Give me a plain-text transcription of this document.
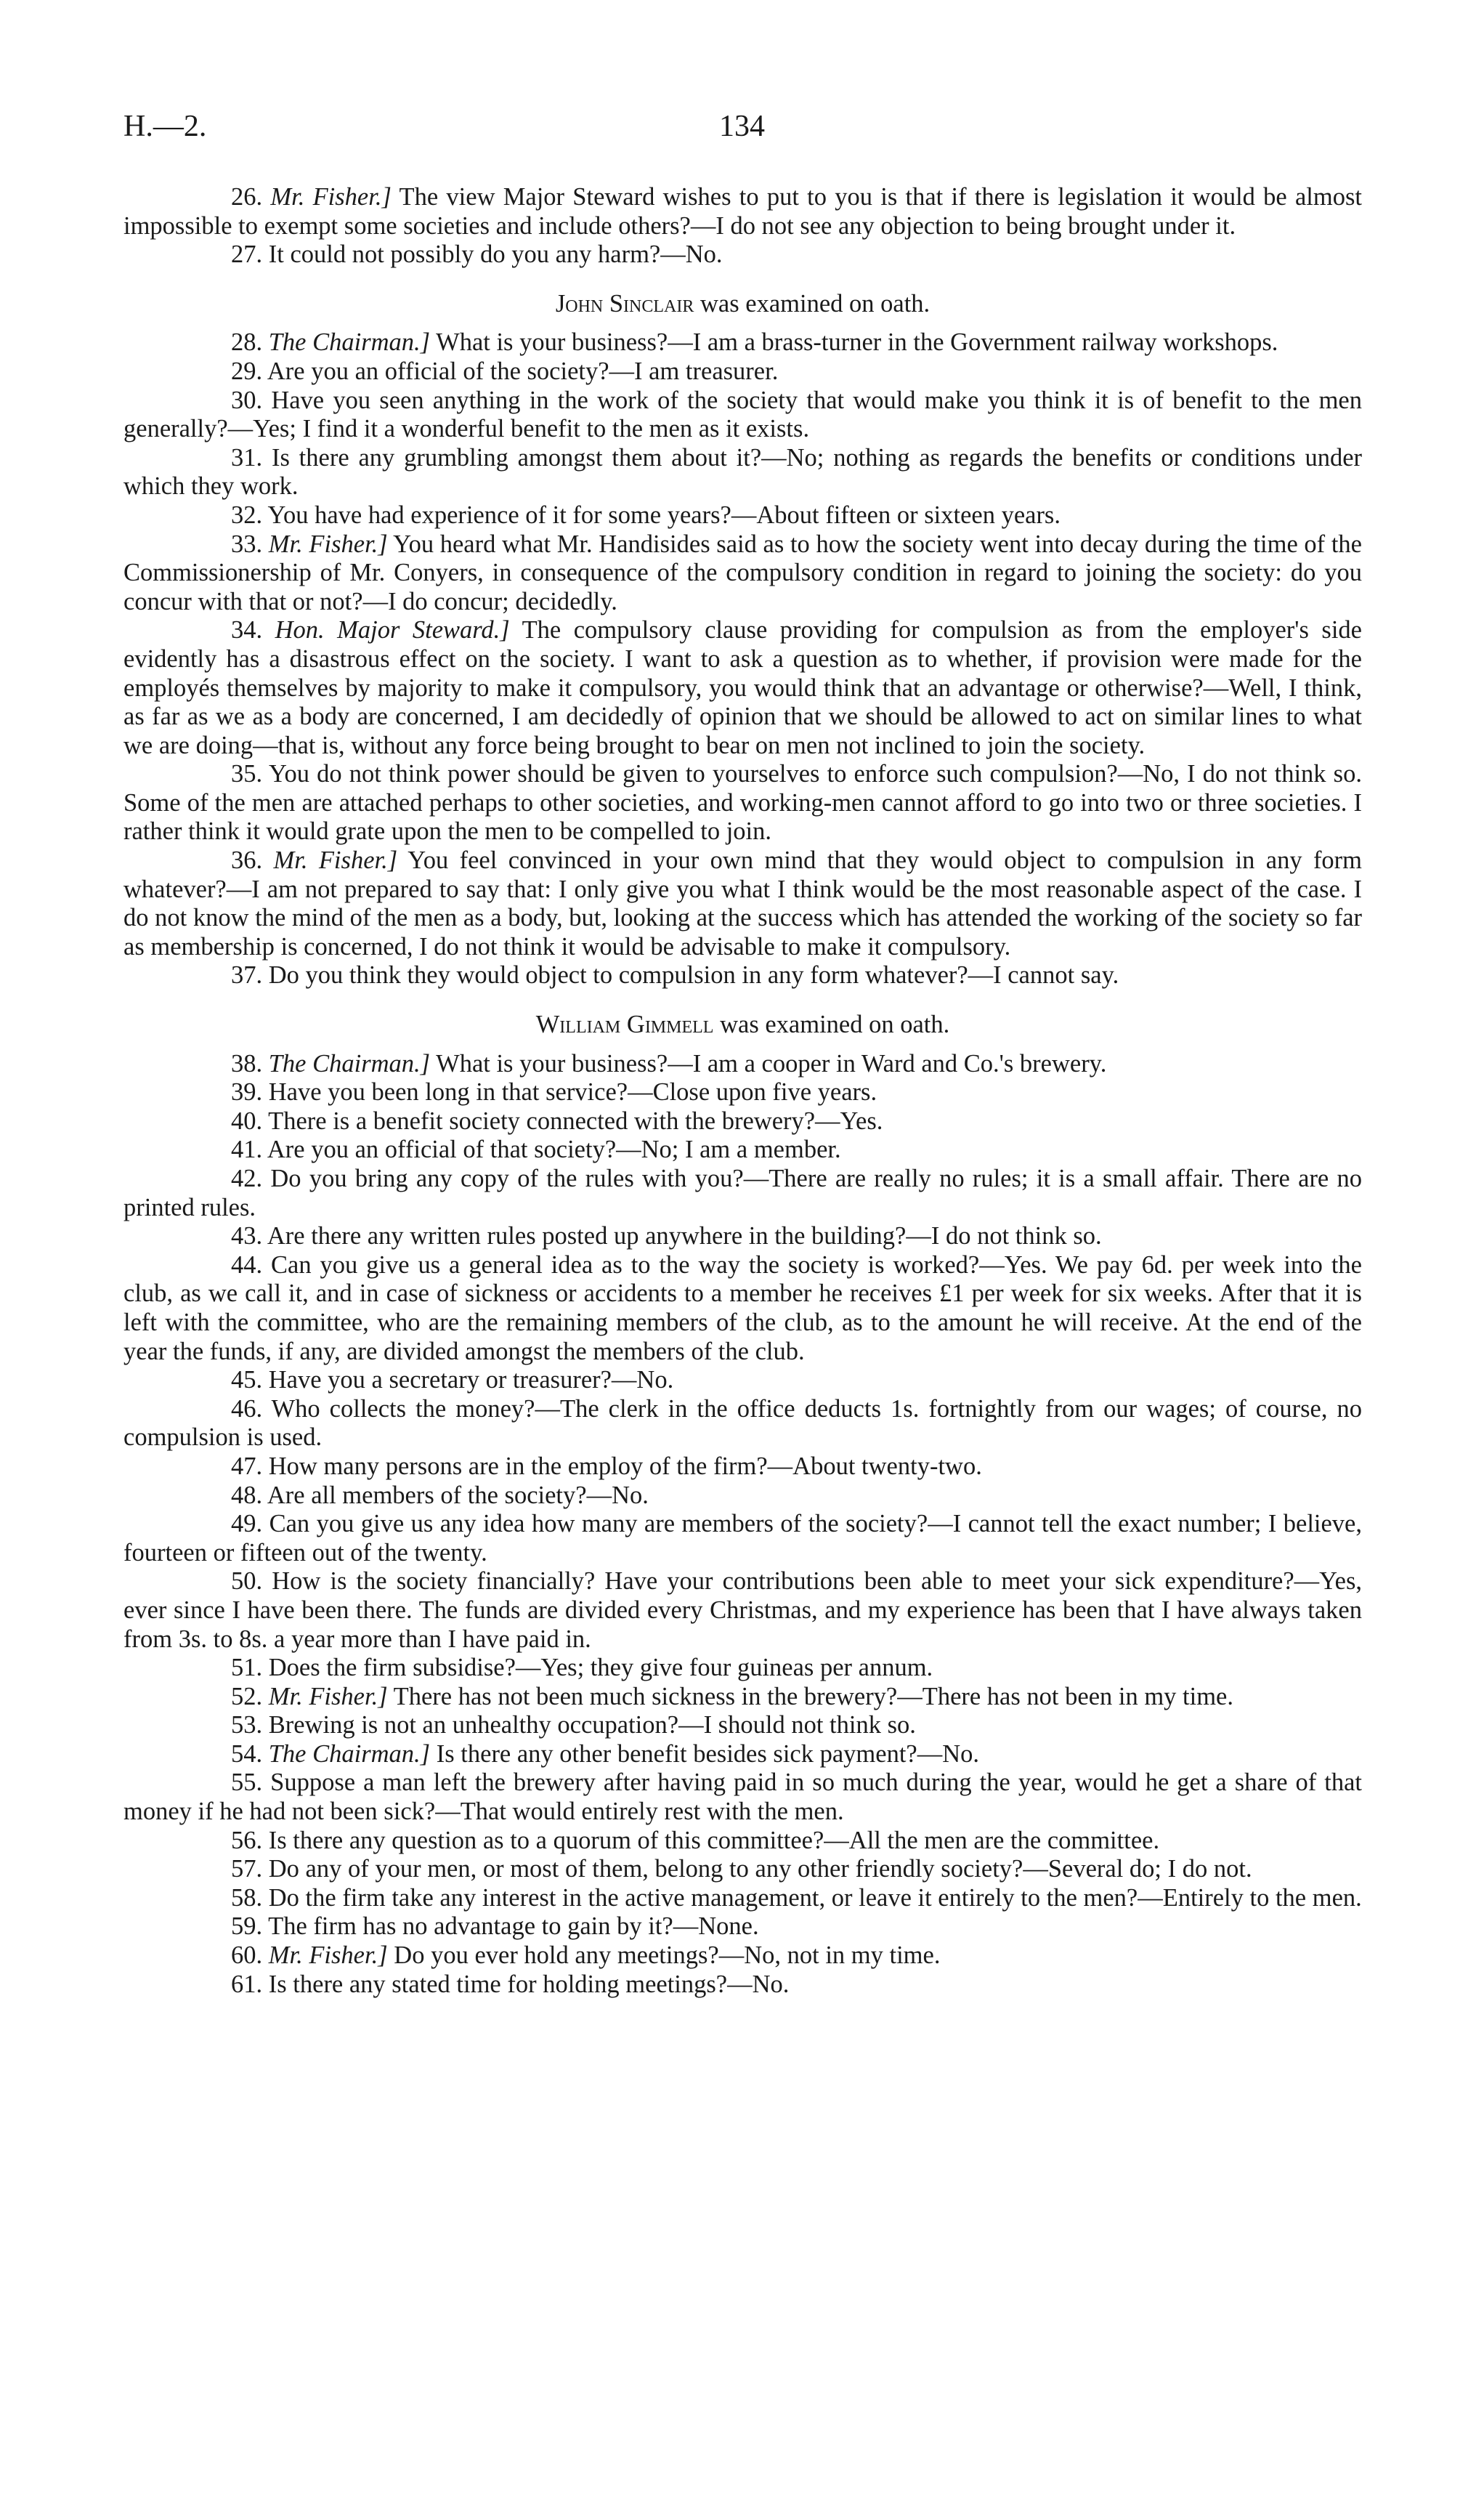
H.—2.	134

26. Mr. Fisher.] The view Major Steward wishes to put to you is that if there is legislation it would be almost impossible to exempt some societies and include others?—I do not see any objection to being brought under it.

27. It could not possibly do you any harm?—No.

John Sinclair was examined on oath.

28. The Chairman.] What is your business?—I am a brass-turner in the Government railway workshops.

29. Are you an official of the society?—I am treasurer.

30. Have you seen anything in the work of the society that would make you think it is of benefit to the men generally?—Yes; I find it a wonderful benefit to the men as it exists.

31. Is there any grumbling amongst them about it?—No; nothing as regards the benefits or conditions under which they work.

32. You have had experience of it for some years?—About fifteen or sixteen years.

33. Mr. Fisher.] You heard what Mr. Handisides said as to how the society went into decay during the time of the Commissionership of Mr. Conyers, in consequence of the compulsory condition in regard to joining the society: do you concur with that or not?—I do concur; decidedly.

34. Hon. Major Steward.] The compulsory clause providing for compulsion as from the employer's side evidently has a disastrous effect on the society. I want to ask a question as to whether, if provision were made for the employés themselves by majority to make it compulsory, you would think that an advantage or otherwise?—Well, I think, as far as we as a body are concerned, I am decidedly of opinion that we should be allowed to act on similar lines to what we are doing—that is, without any force being brought to bear on men not inclined to join the society.

35. You do not think power should be given to yourselves to enforce such compulsion?—No, I do not think so. Some of the men are attached perhaps to other societies, and working-men cannot afford to go into two or three societies. I rather think it would grate upon the men to be compelled to join.

36. Mr. Fisher.] You feel convinced in your own mind that they would object to compulsion in any form whatever?—I am not prepared to say that: I only give you what I think would be the most reasonable aspect of the case. I do not know the mind of the men as a body, but, looking at the success which has attended the working of the society so far as membership is concerned, I do not think it would be advisable to make it compulsory.

37. Do you think they would object to compulsion in any form whatever?—I cannot say.

William Gimmell was examined on oath.

38. The Chairman.] What is your business?—I am a cooper in Ward and Co.'s brewery.

39. Have you been long in that service?—Close upon five years.

40. There is a benefit society connected with the brewery?—Yes.

41. Are you an official of that society?—No; I am a member.

42. Do you bring any copy of the rules with you?—There are really no rules; it is a small affair. There are no printed rules.

43. Are there any written rules posted up anywhere in the building?—I do not think so.

44. Can you give us a general idea as to the way the society is worked?—Yes. We pay 6d. per week into the club, as we call it, and in case of sickness or accidents to a member he receives £1 per week for six weeks. After that it is left with the committee, who are the remaining members of the club, as to the amount he will receive. At the end of the year the funds, if any, are divided amongst the members of the club.

45. Have you a secretary or treasurer?—No.

46. Who collects the money?—The clerk in the office deducts 1s. fortnightly from our wages; of course, no compulsion is used.

47. How many persons are in the employ of the firm?—About twenty-two.

48. Are all members of the society?—No.

49. Can you give us any idea how many are members of the society?—I cannot tell the exact number; I believe, fourteen or fifteen out of the twenty.

50. How is the society financially? Have your contributions been able to meet your sick expenditure?—Yes, ever since I have been there. The funds are divided every Christmas, and my experience has been that I have always taken from 3s. to 8s. a year more than I have paid in.

51. Does the firm subsidise?—Yes; they give four guineas per annum.

52. Mr. Fisher.] There has not been much sickness in the brewery?—There has not been in my time.

53. Brewing is not an unhealthy occupation?—I should not think so.

54. The Chairman.] Is there any other benefit besides sick payment?—No.

55. Suppose a man left the brewery after having paid in so much during the year, would he get a share of that money if he had not been sick?—That would entirely rest with the men.

56. Is there any question as to a quorum of this committee?—All the men are the committee.

57. Do any of your men, or most of them, belong to any other friendly society?—Several do; I do not.

58. Do the firm take any interest in the active management, or leave it entirely to the men?—Entirely to the men.

59. The firm has no advantage to gain by it?—None.

60. Mr. Fisher.] Do you ever hold any meetings?—No, not in my time.

61. Is there any stated time for holding meetings?—No.
